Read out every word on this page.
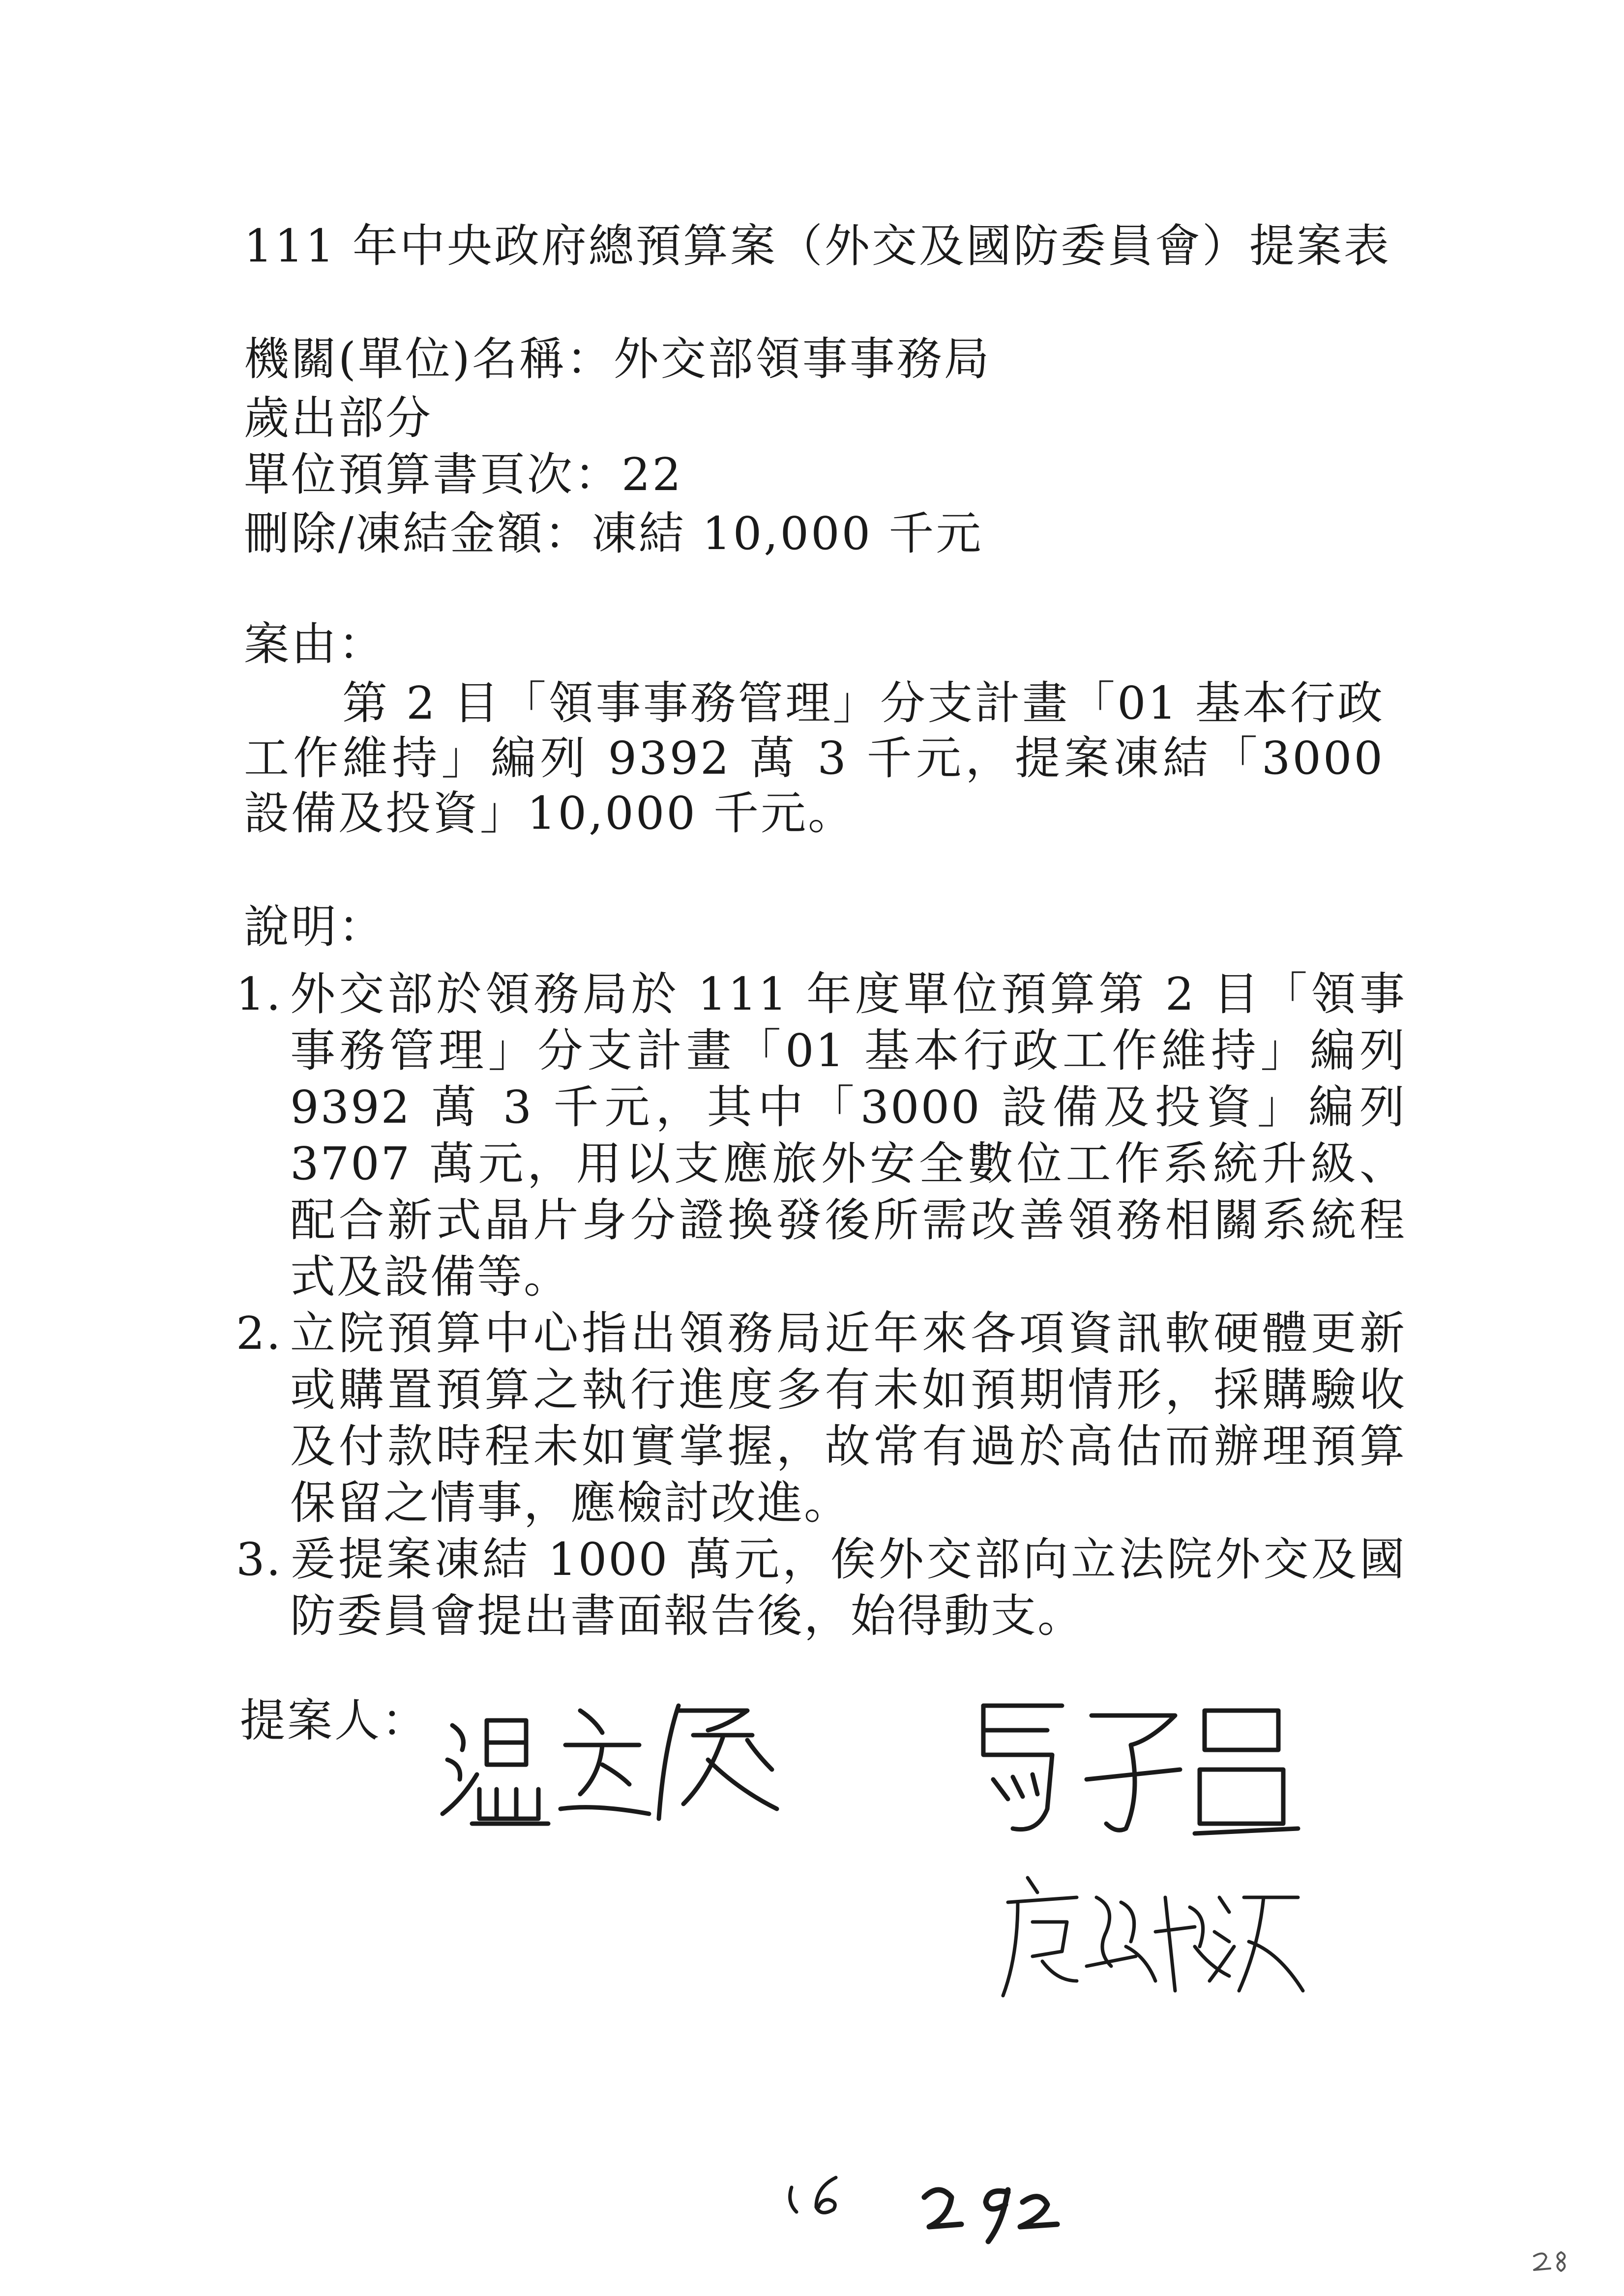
111 年中央政府總預算案（外交及國防委員會）提案表
機關(單位)名稱：外交部領事事務局
歲出部分
單位預算書頁次：22
刪除/凍結金額：凍結 10,000 千元
案由：
第 2 目「領事事務管理」分支計畫「01 基本行政工作維持」編列 9392 萬 3 千元，提案凍結「3000 設備及投資」10,000 千元。
說明：
1. 外交部於領務局於 111 年度單位預算第 2 目「領事事務管理」分支計畫「01 基本行政工作維持」編列 9392 萬 3 千元，其中「3000 設備及投資」編列 3707 萬元，用以支應旅外安全數位工作系統升級、配合新式晶片身分證換發後所需改善領務相關系統程式及設備等。
2. 立院預算中心指出領務局近年來各項資訊軟硬體更新或購置預算之執行進度多有未如預期情形，採購驗收及付款時程未如實掌握，故常有過於高估而辦理預算保留之情事，應檢討改進。
3. 爰提案凍結 1000 萬元，俟外交部向立法院外交及國防委員會提出書面報告後，始得動支。
提案人：
